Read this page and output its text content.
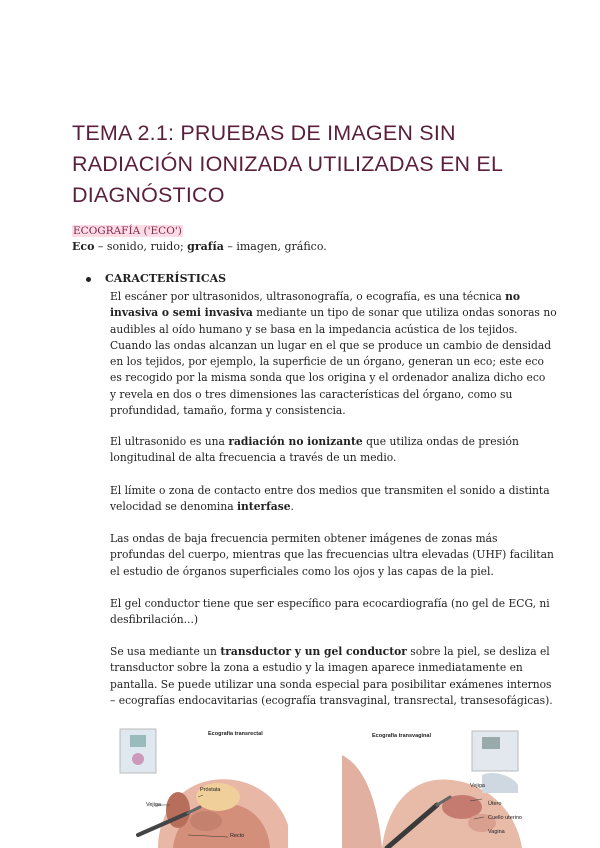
TEMA 2.1: PRUEBAS DE IMAGEN SIN
RADIACIÓN IONIZADA UTILIZADAS EN EL
DIAGNÓSTICO
ECOGRAFÍA ('ECO')
Eco – sonido, ruido; grafía – imagen, gráfico.
CARACTERÍSTICAS
El escáner por ultrasonidos, ultrasonografía, o ecografía, es una técnica no
invasiva o semi invasiva mediante un tipo de sonar que utiliza ondas sonoras no
audibles al oído humano y se basa en la impedancia acústica de los tejidos.
Cuando las ondas alcanzan un lugar en el que se produce un cambio de densidad
en los tejidos, por ejemplo, la superficie de un órgano, generan un eco; este eco
es recogido por la misma sonda que los origina y el ordenador analiza dicho eco
y revela en dos o tres dimensiones las características del órgano, como su
profundidad, tamaño, forma y consistencia.
El ultrasonido es una radiación no ionizante que utiliza ondas de presión
longitudinal de alta frecuencia a través de un medio.
El límite o zona de contacto entre dos medios que transmiten el sonido a distinta
velocidad se denomina interfase.
Las ondas de baja frecuencia permiten obtener imágenes de zonas más
profundas del cuerpo, mientras que las frecuencias ultra elevadas (UHF) facilitan
el estudio de órganos superficiales como los ojos y las capas de la piel.
El gel conductor tiene que ser específico para ecocardiografía (no gel de ECG, ni
desfibrilación...)
Se usa mediante un transductor y un gel conductor sobre la piel, se desliza el
transductor sobre la zona a estudio y la imagen aparece inmediatamente en
pantalla. Se puede utilizar una sonda especial para posibilitar exámenes internos
– ecografías endocavitarias (ecografía transvaginal, transrectal, transesofágicas).
Ecografía transrectal
Próstata
Vejiga
Recto
Ecografía transvaginal
Vejiga
Útero
Cuello uterino
Vagina
